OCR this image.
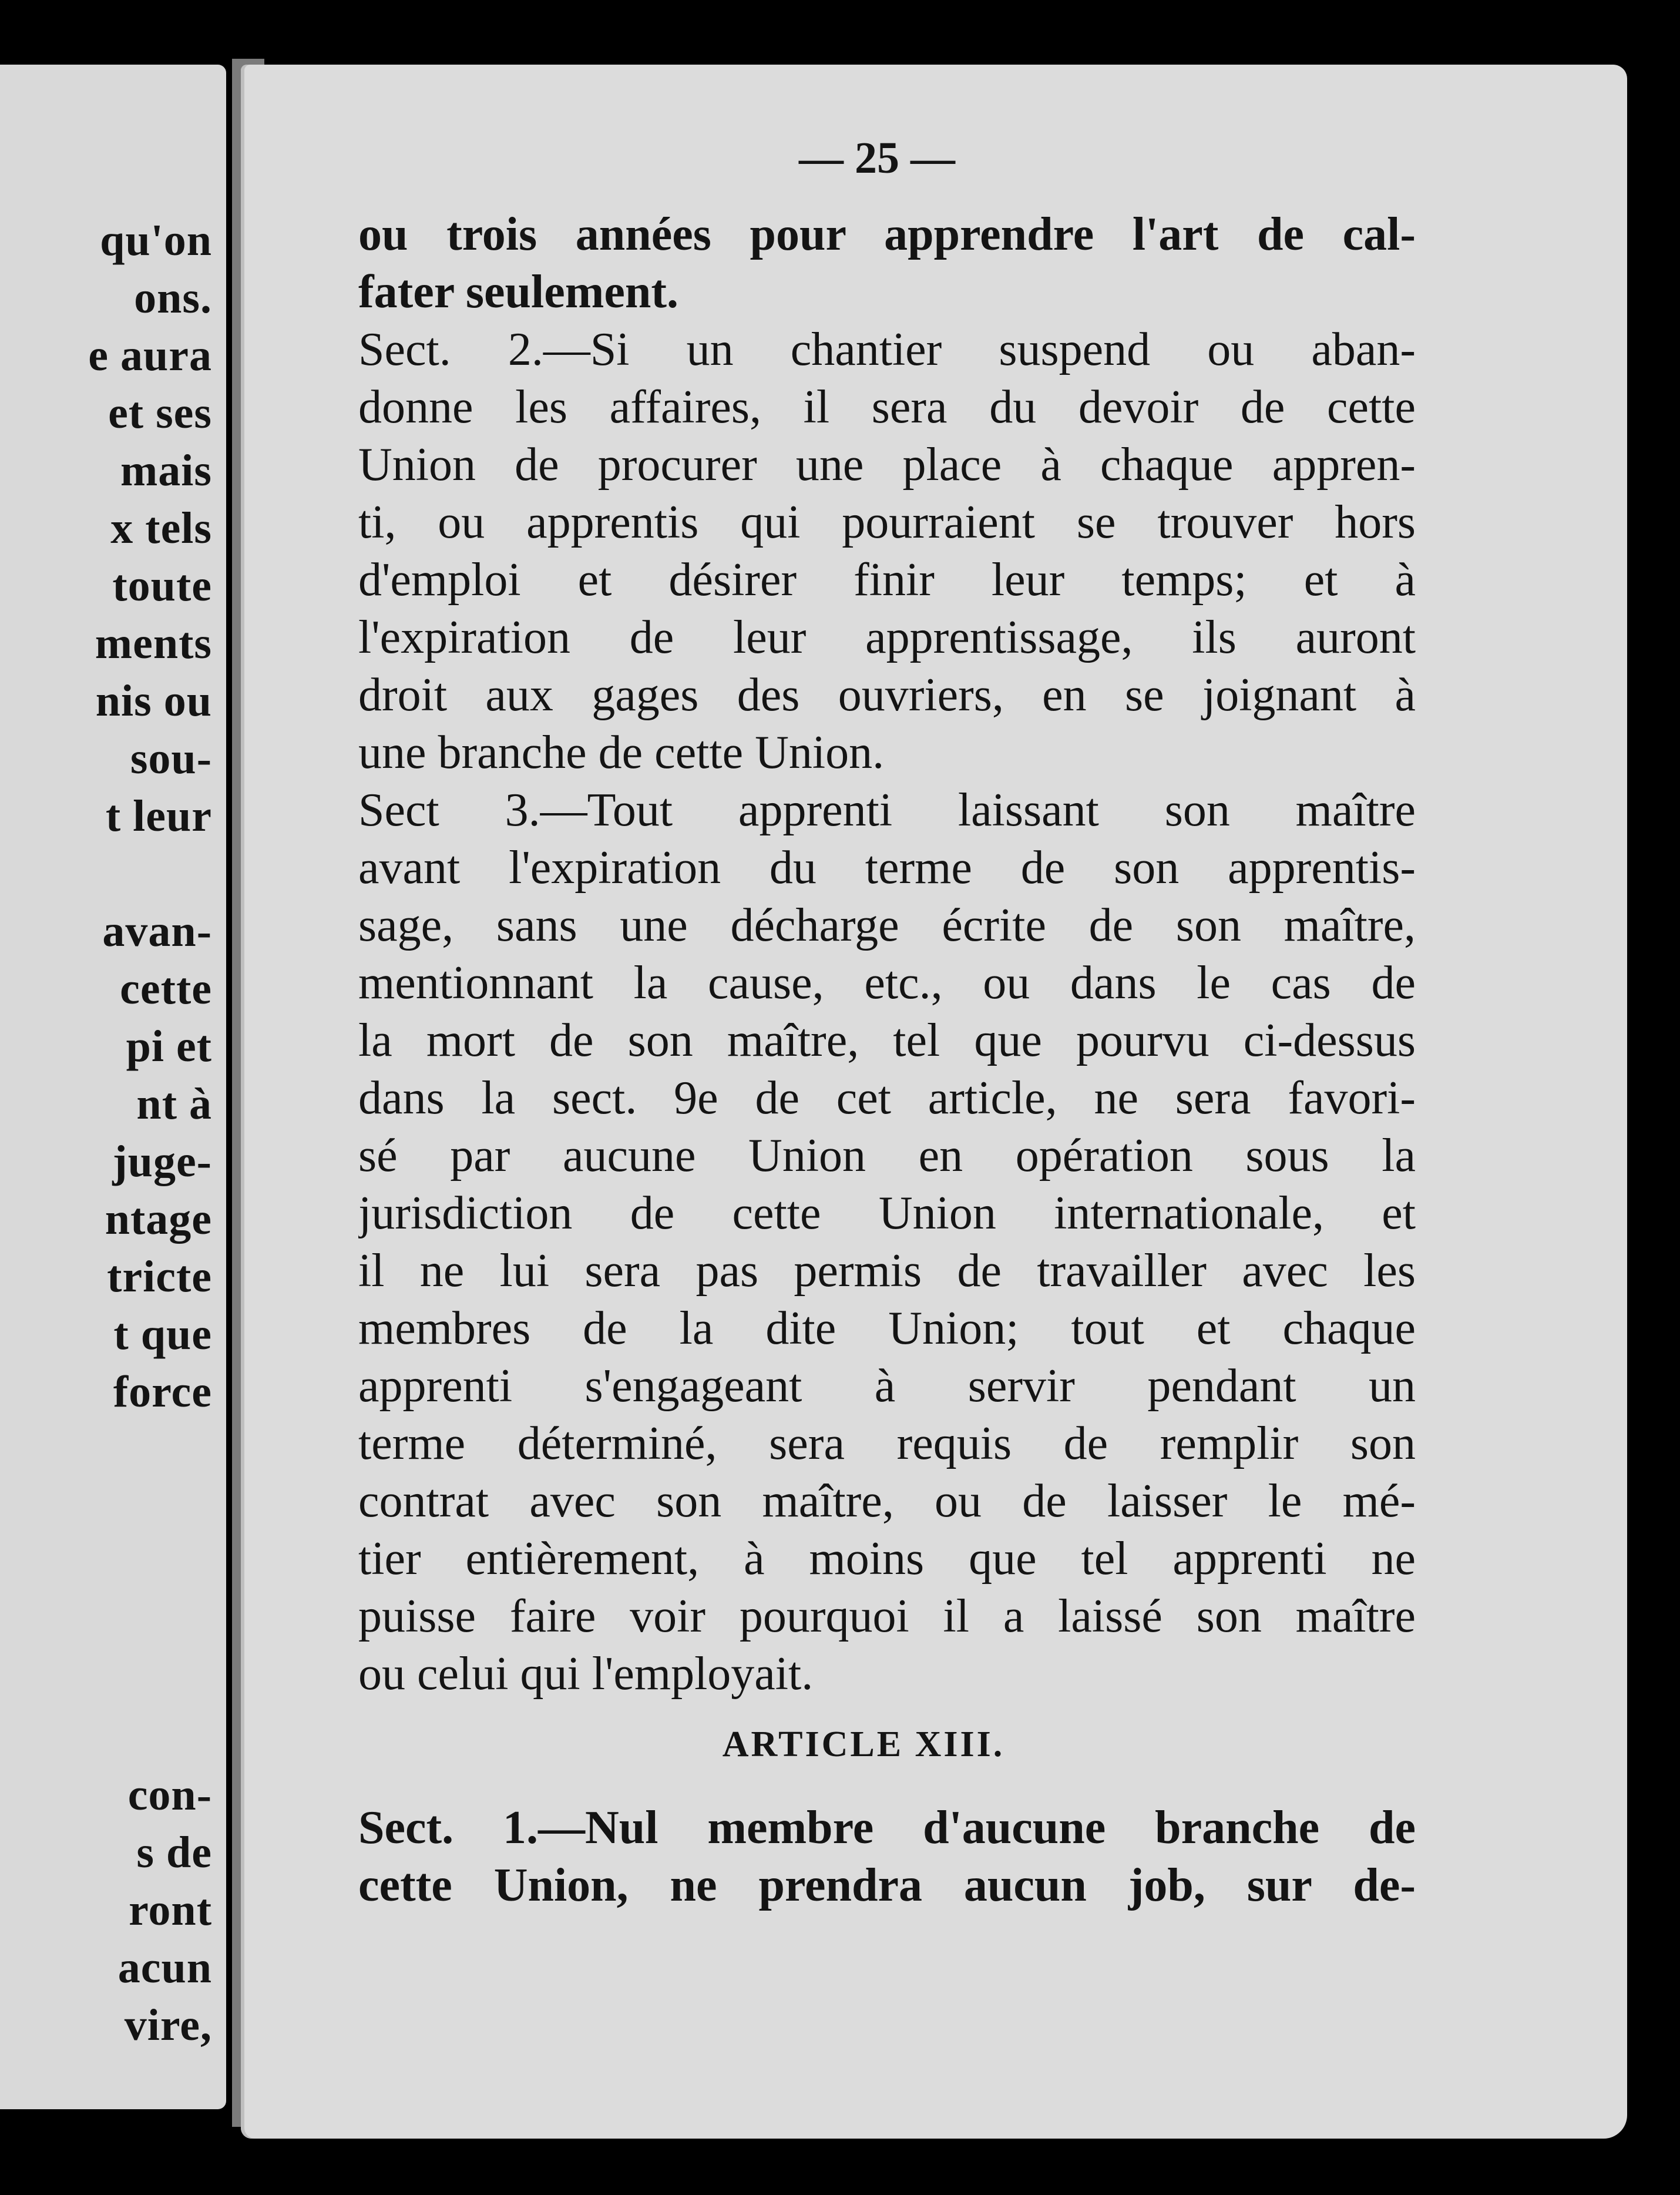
qu'on
ons.
e aura
et ses
mais
x tels
toute
ments
nis ou
sou-
t leur
avan-
cette
pi et
nt à
juge-
ntage
tricte
t que
force
con-
s de
ront
acun
vire,
— 25 —
ou trois années pour apprendre l'art de cal-
fater seulement.
Sect. 2.—Si un chantier suspend ou aban-
donne les affaires, il sera du devoir de cette
Union de procurer une place à chaque appren-
ti, ou apprentis qui pourraient se trouver hors
d'emploi et désirer finir leur temps; et à
l'expiration de leur apprentissage, ils auront
droit aux gages des ouvriers, en se joignant à
une branche de cette Union.
Sect 3.—Tout apprenti laissant son maître
avant l'expiration du terme de son apprentis-
sage, sans une décharge écrite de son maître,
mentionnant la cause, etc., ou dans le cas de
la mort de son maître, tel que pourvu ci-dessus
dans la sect. 9e de cet article, ne sera favori-
sé par aucune Union en opération sous la
jurisdiction de cette Union internationale, et
il ne lui sera pas permis de travailler avec les
membres de la dite Union; tout et chaque
apprenti s'engageant à servir pendant un
terme déterminé, sera requis de remplir son
contrat avec son maître, ou de laisser le mé-
tier entièrement, à moins que tel apprenti ne
puisse faire voir pourquoi il a laissé son maître
ou celui qui l'employait.
ARTICLE XIII.
Sect. 1.—Nul membre d'aucune branche de
cette Union, ne prendra aucun job, sur de-
